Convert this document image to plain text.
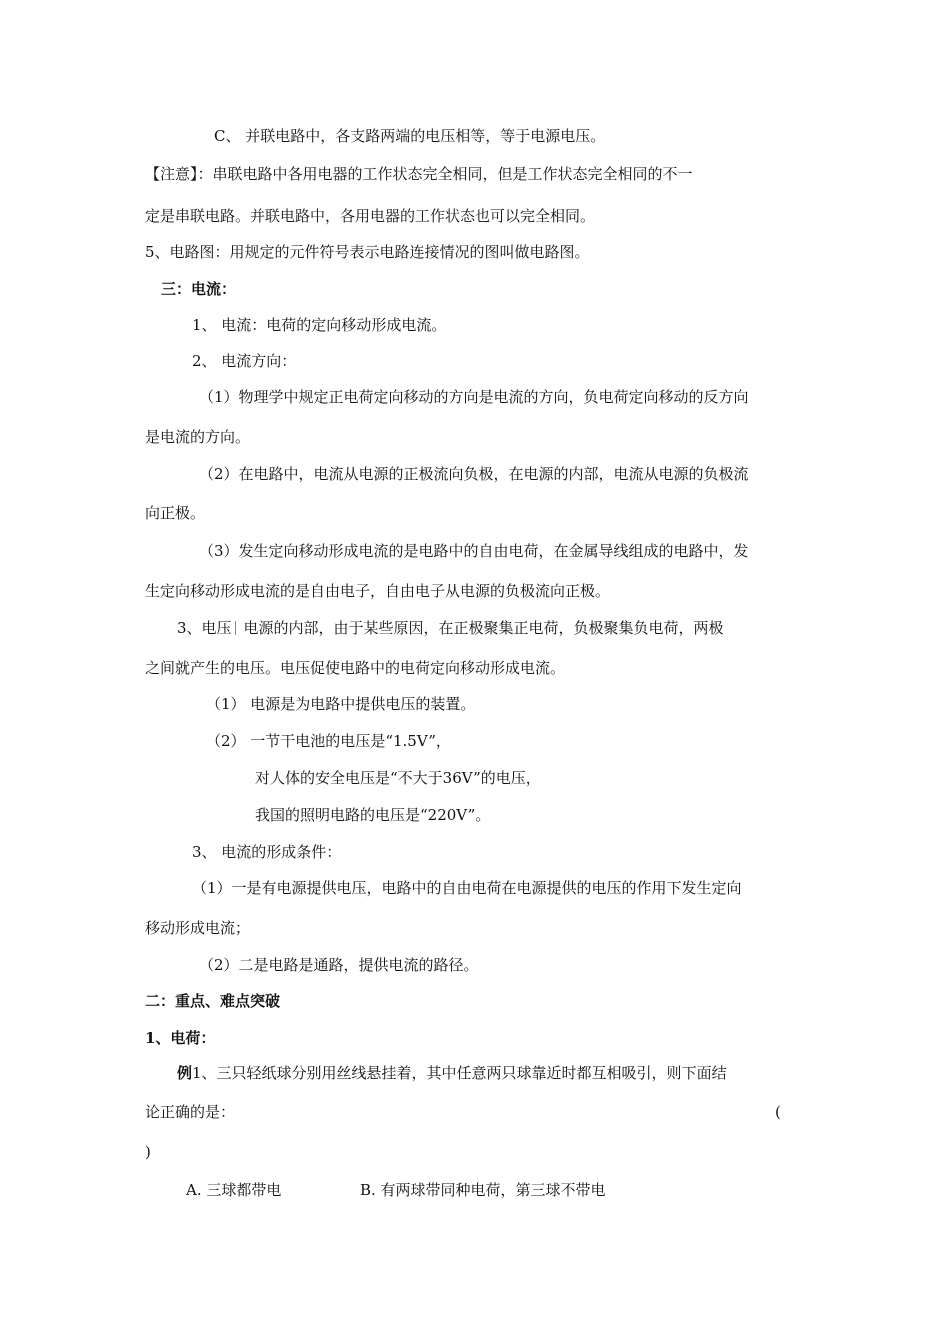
C、 并联电路中，各支路两端的电压相等，等于电源电压。
【注意】：串联电路中各用电器的工作状态完全相同，但是工作状态完全相同的不一
定是串联电路。并联电路中，各用电器的工作状态也可以完全相同。
5、电路图：用规定的元件符号表示电路连接情况的图叫做电路图。
三：电流：
1、 电流：电荷的定向移动形成电流。
2、 电流方向：
（1）物理学中规定正电荷定向移动的方向是电流的方向，负电荷定向移动的反方向
是电流的方向。
（2）在电路中，电流从电源的正极流向负极，在电源的内部，电流从电源的负极流
向正极。
（3）发生定向移动形成电流的是电路中的自由电荷，在金属导线组成的电路中，发
生定向移动形成电流的是自由电子，自由电子从电源的负极流向正极。
3、电压 电源的内部，由于某些原因，在正极聚集正电荷，负极聚集负电荷，两极
之间就产生的电压。电压促使电路中的电荷定向移动形成电流。
（1） 电源是为电路中提供电压的装置。
（2） 一节干电池的电压是“1.5V”，
对人体的安全电压是“不大于36V”的电压，
我国的照明电路的电压是“220V”。
3、 电流的形成条件：
（1）一是有电源提供电压，电路中的自由电荷在电源提供的电压的作用下发生定向
移动形成电流；
（2）二是电路是通路，提供电流的路径。
二：重点、难点突破
1、电荷：
例1、三只轻纸球分别用丝线悬挂着，其中任意两只球靠近时都互相吸引，则下面结
论正确的是：	(
)
A. 三球都带电	B. 有两球带同种电荷，第三球不带电
